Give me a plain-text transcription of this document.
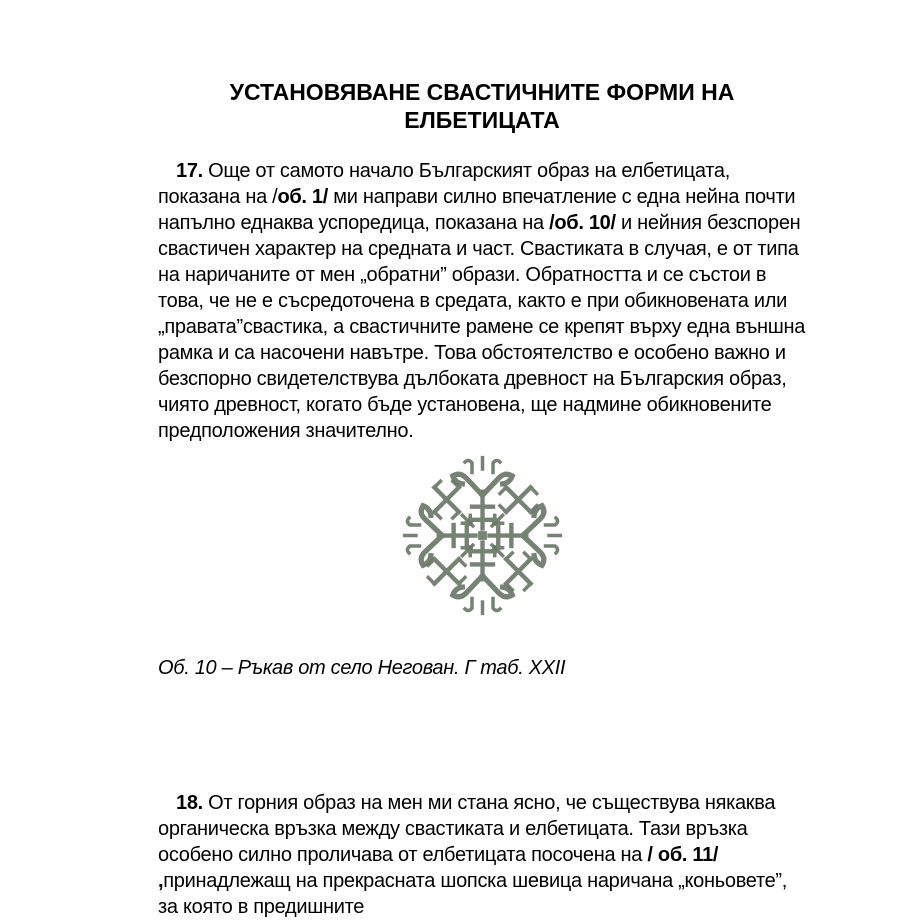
УСТАНОВЯВАНЕ СВАСТИЧНИТЕ ФОРМИ НА ЕЛБЕТИЦАТА

17. Още от самото начало Българският образ на елбетицата, показана на /об. 1/ ми направи силно впечатление с една нейна почти напълно еднаква успоредица, показана на /об. 10/ и нейния безспорен свастичен характер на средната и част. Свастиката в случая, е от типа на наричаните от мен „обратни” образи. Обратността и се състои в това, че не е съсредоточена в средата, както е при обикновената или „правата”свастика, а свастичните рамене се крепят върху една външна рамка и са насочени навътре. Това обстоятелство е особено важно и безспорно свидетелствува дълбоката древност на Българския образ, чиято древност, когато бъде установена, ще надмине обикновените предположения значително.

Об. 10 – Ръкав от село Негован. Г таб. XXII

18. От горния образ на мен ми стана ясно, че съществува някаква органическа връзка между свастиката и елбетицата. Тази връзка особено силно проличава от елбетицата посочена на / об. 11/ ,принадлежащ на прекрасната шопска шевица наричана „коньовете”, за която в предишните
